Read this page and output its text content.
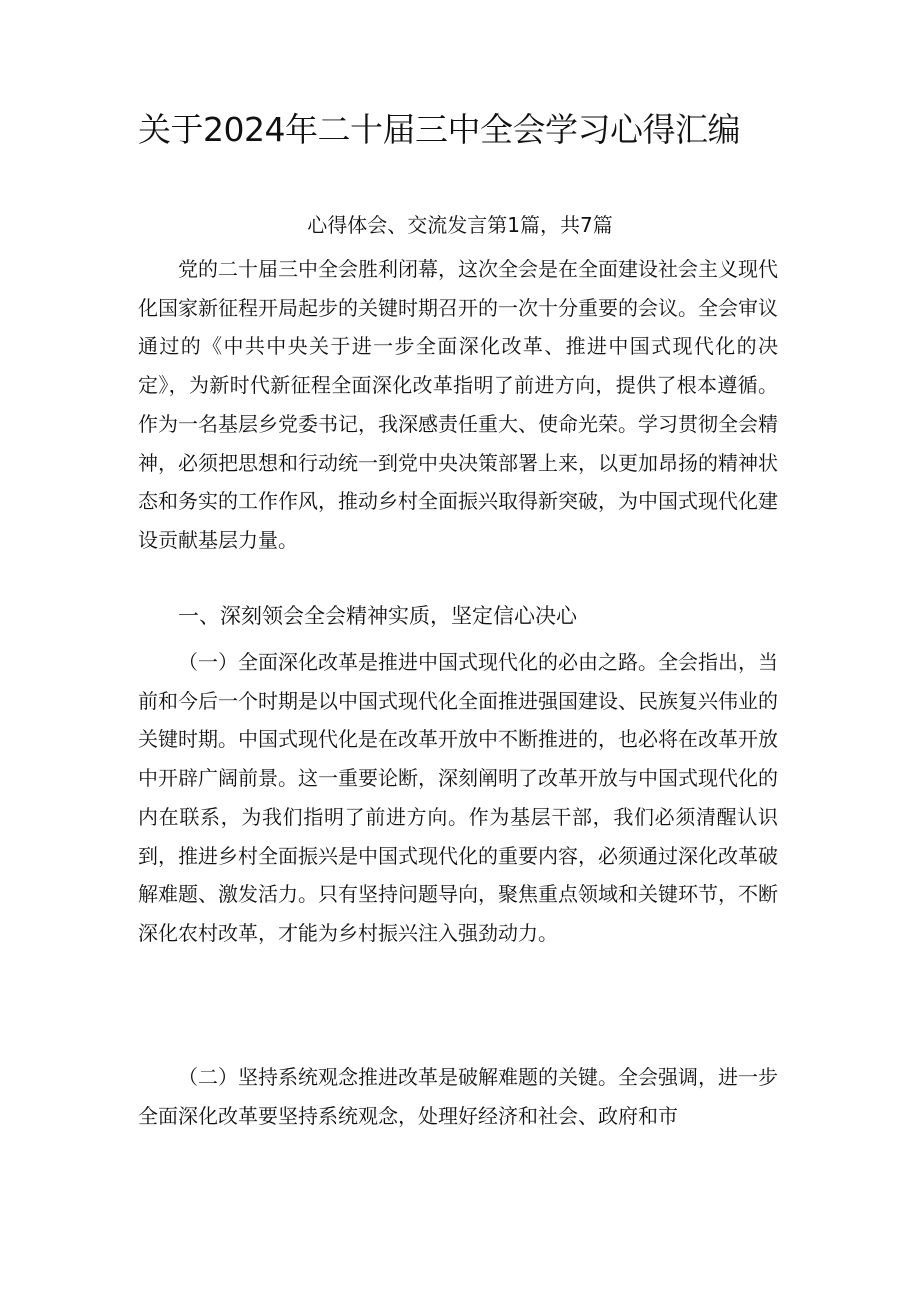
关于2024年二十届三中全会学习心得汇编
心得体会、交流发言第1篇，共7篇

党的二十届三中全会胜利闭幕，这次全会是在全面建设社会主义现代化国家新征程开局起步的关键时期召开的一次十分重要的会议。全会审议通过的《中共中央关于进一步全面深化改革、推进中国式现代化的决定》，为新时代新征程全面深化改革指明了前进方向，提供了根本遵循。作为一名基层乡党委书记，我深感责任重大、使命光荣。学习贯彻全会精神，必须把思想和行动统一到党中央决策部署上来，以更加昂扬的精神状态和务实的工作作风，推动乡村全面振兴取得新突破，为中国式现代化建设贡献基层力量。

一、深刻领会全会精神实质，坚定信心决心

（一）全面深化改革是推进中国式现代化的必由之路。全会指出，当前和今后一个时期是以中国式现代化全面推进强国建设、民族复兴伟业的关键时期。中国式现代化是在改革开放中不断推进的，也必将在改革开放中开辟广阔前景。这一重要论断，深刻阐明了改革开放与中国式现代化的内在联系，为我们指明了前进方向。作为基层干部，我们必须清醒认识到，推进乡村全面振兴是中国式现代化的重要内容，必须通过深化改革破解难题、激发活力。只有坚持问题导向，聚焦重点领域和关键环节，不断深化农村改革，才能为乡村振兴注入强劲动力。

（二）坚持系统观念推进改革是破解难题的关键。全会强调，进一步全面深化改革要坚持系统观念，处理好经济和社会、政府和市
